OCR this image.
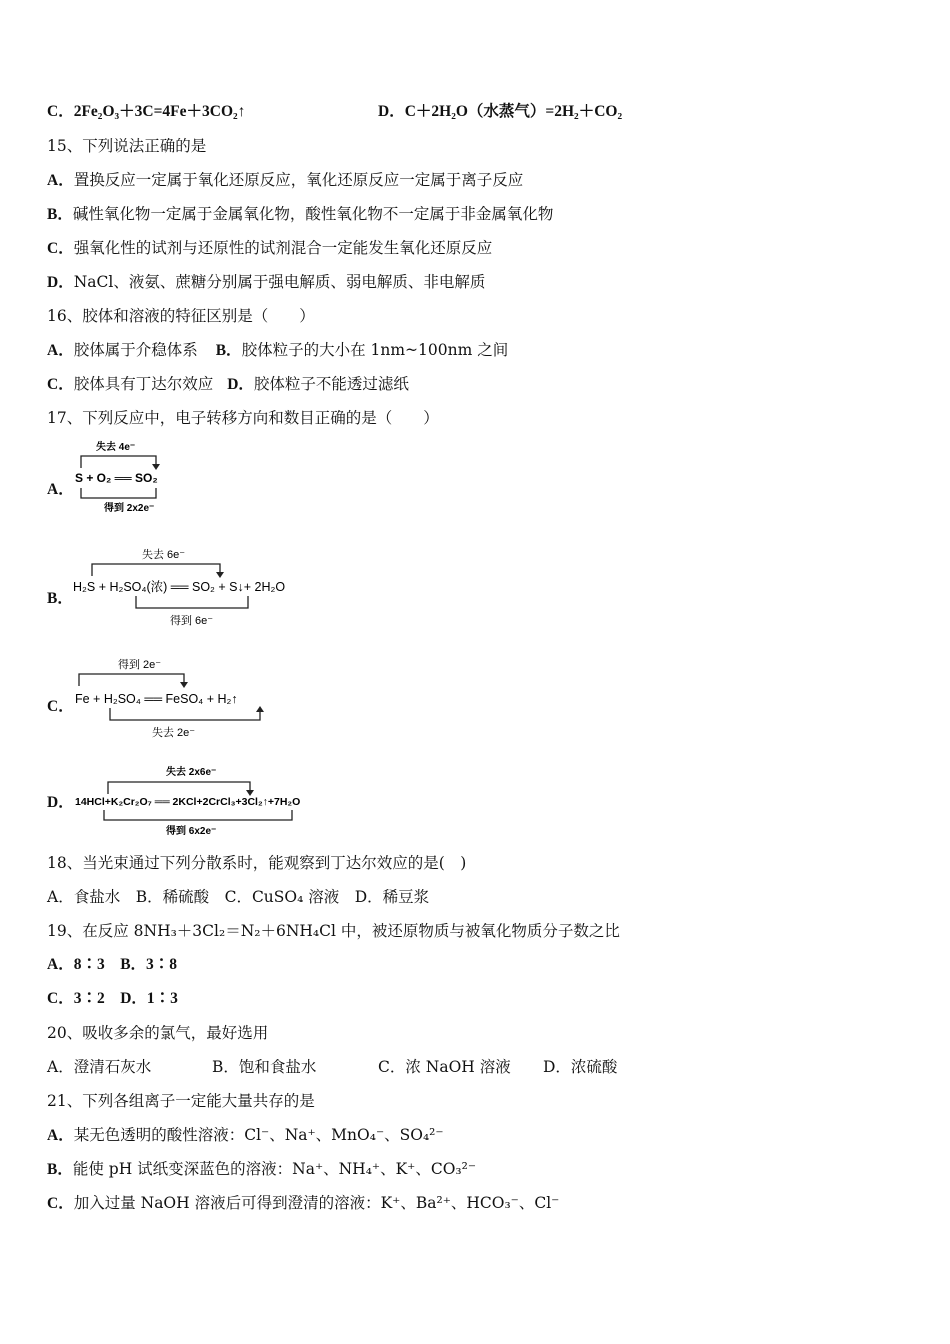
C．2Fe₂O₃＋3C=4Fe＋3CO₂↑	D．C＋2H₂O（水蒸气）=2H₂＋CO₂
15、下列说法正确的是
A．置换反应一定属于氧化还原反应，氧化还原反应一定属于离子反应
B．碱性氧化物一定属于金属氧化物，酸性氧化物不一定属于非金属氧化物
C．强氧化性的试剂与还原性的试剂混合一定能发生氧化还原反应
D．NaCl、液氨、蔗糖分别属于强电解质、弱电解质、非电解质
16、胶体和溶液的特征区别是（　　）
A．胶体属于介稳体系 B．胶体粒子的大小在 1nm~100nm 之间
C．胶体具有丁达尔效应 D．胶体粒子不能透过滤纸
17、下列反应中，电子转移方向和数目正确的是（　　）
A．
失去 4e⁻
S + O₂ ══ SO₂
得到 2x2e⁻
B．
失去 6e⁻
H₂S + H₂SO₄(浓) ══ SO₂ + S↓+ 2H₂O
得到 6e⁻
C．
得到 2e⁻
Fe + H₂SO₄ ══ FeSO₄ + H₂↑
失去 2e⁻
D．
失去 2x6e⁻
14HCl+K₂Cr₂O₇ ══ 2KCl+2CrCl₃+3Cl₂↑+7H₂O
得到 6x2e⁻
18、当光束通过下列分散系时，能观察到丁达尔效应的是(　)
A．食盐水　B．稀硫酸　C．CuSO₄ 溶液　D．稀豆浆
19、在反应 8NH₃＋3Cl₂＝N₂＋6NH₄Cl 中，被还原物质与被氧化物质分子数之比
A．8∶3　B．3∶8
C．3∶2　D．1∶3
20、吸收多余的氯气，最好选用
A．澄清石灰水	B．饱和食盐水	C．浓 NaOH 溶液 D．浓硫酸
21、下列各组离子一定能大量共存的是
A．某无色透明的酸性溶液：Cl⁻、Na⁺、MnO₄⁻、SO₄²⁻
B．能使 pH 试纸变深蓝色的溶液：Na⁺、NH₄⁺、K⁺、CO₃²⁻
C．加入过量 NaOH 溶液后可得到澄清的溶液：K⁺、Ba²⁺、HCO₃⁻、Cl⁻
